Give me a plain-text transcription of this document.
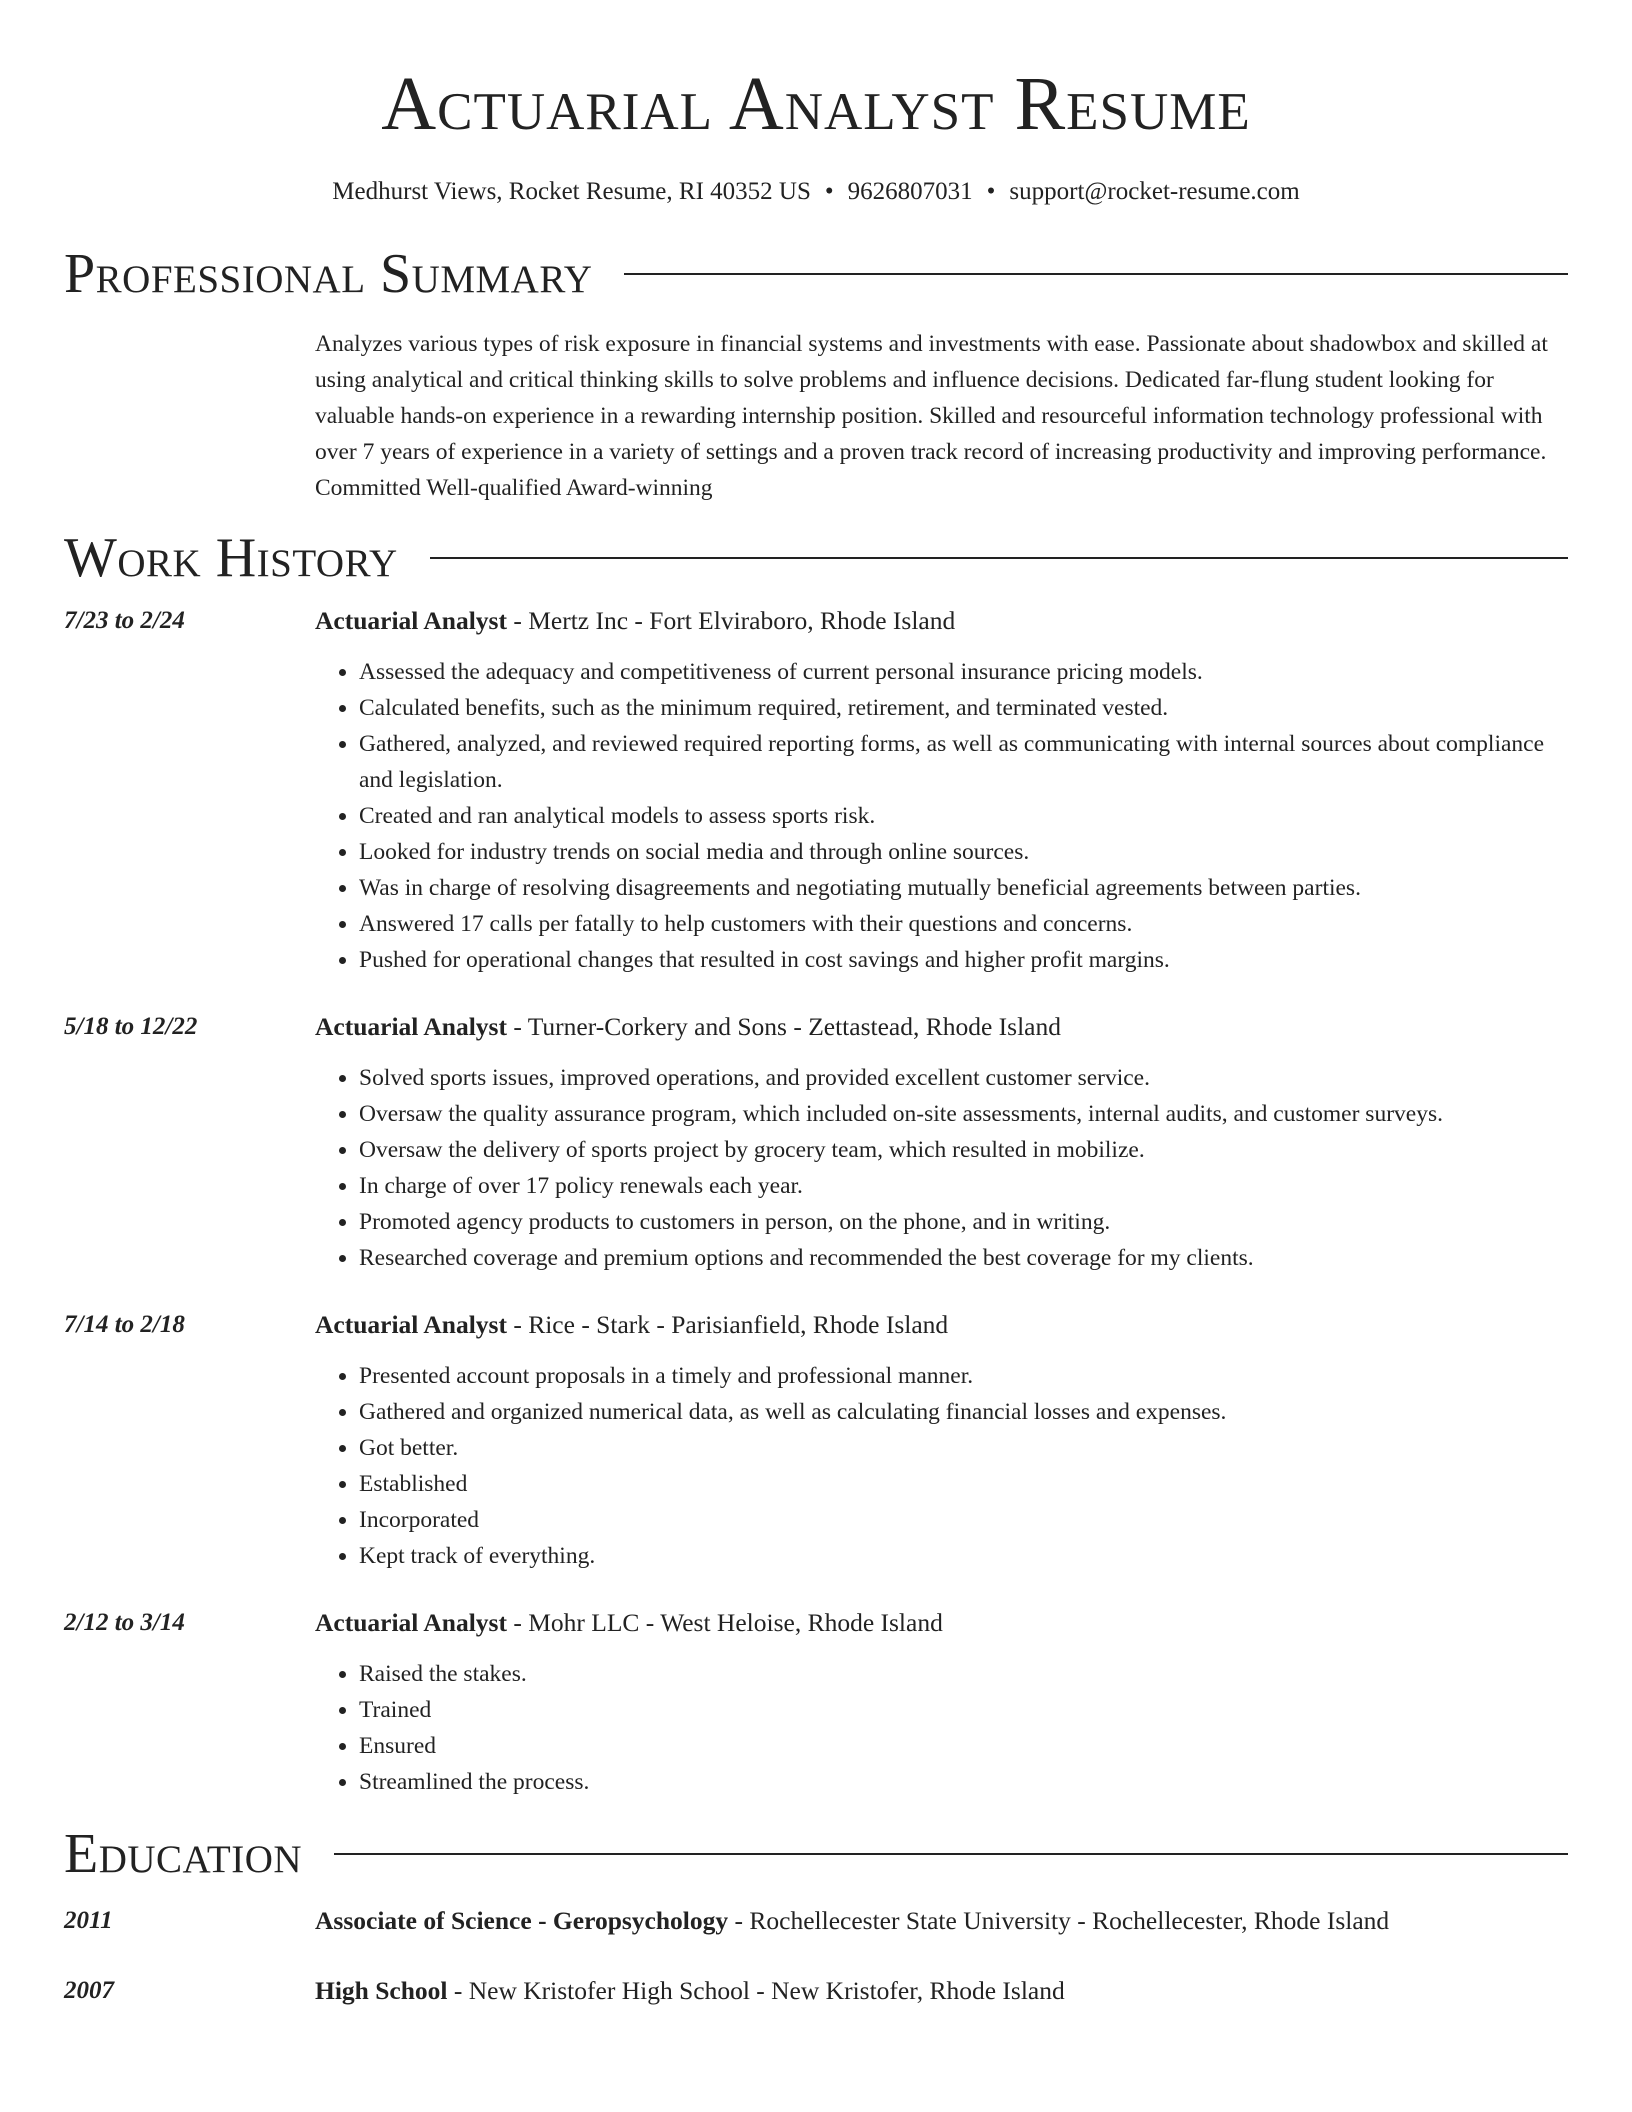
Actuarial Analyst Resume
Medhurst Views, Rocket Resume, RI 40352 US • 9626807031 • support@rocket-resume.com
Professional Summary
Analyzes various types of risk exposure in financial systems and investments with ease. Passionate about shadowbox and skilled at using analytical and critical thinking skills to solve problems and influence decisions. Dedicated far-flung student looking for valuable hands-on experience in a rewarding internship position. Skilled and resourceful information technology professional with over 7 years of experience in a variety of settings and a proven track record of increasing productivity and improving performance. Committed Well-qualified Award-winning
Work History
7/23 to 2/24	Actuarial Analyst - Mertz Inc - Fort Elviraboro, Rhode Island
• Assessed the adequacy and competitiveness of current personal insurance pricing models.
• Calculated benefits, such as the minimum required, retirement, and terminated vested.
• Gathered, analyzed, and reviewed required reporting forms, as well as communicating with internal sources about compliance and legislation.
• Created and ran analytical models to assess sports risk.
• Looked for industry trends on social media and through online sources.
• Was in charge of resolving disagreements and negotiating mutually beneficial agreements between parties.
• Answered 17 calls per fatally to help customers with their questions and concerns.
• Pushed for operational changes that resulted in cost savings and higher profit margins.
5/18 to 12/22	Actuarial Analyst - Turner-Corkery and Sons - Zettastead, Rhode Island
• Solved sports issues, improved operations, and provided excellent customer service.
• Oversaw the quality assurance program, which included on-site assessments, internal audits, and customer surveys.
• Oversaw the delivery of sports project by grocery team, which resulted in mobilize.
• In charge of over 17 policy renewals each year.
• Promoted agency products to customers in person, on the phone, and in writing.
• Researched coverage and premium options and recommended the best coverage for my clients.
7/14 to 2/18	Actuarial Analyst - Rice - Stark - Parisianfield, Rhode Island
• Presented account proposals in a timely and professional manner.
• Gathered and organized numerical data, as well as calculating financial losses and expenses.
• Got better.
• Established
• Incorporated
• Kept track of everything.
2/12 to 3/14	Actuarial Analyst - Mohr LLC - West Heloise, Rhode Island
• Raised the stakes.
• Trained
• Ensured
• Streamlined the process.
Education
2011	Associate of Science - Geropsychology - Rochellecester State University - Rochellecester, Rhode Island
2007	High School - New Kristofer High School - New Kristofer, Rhode Island
